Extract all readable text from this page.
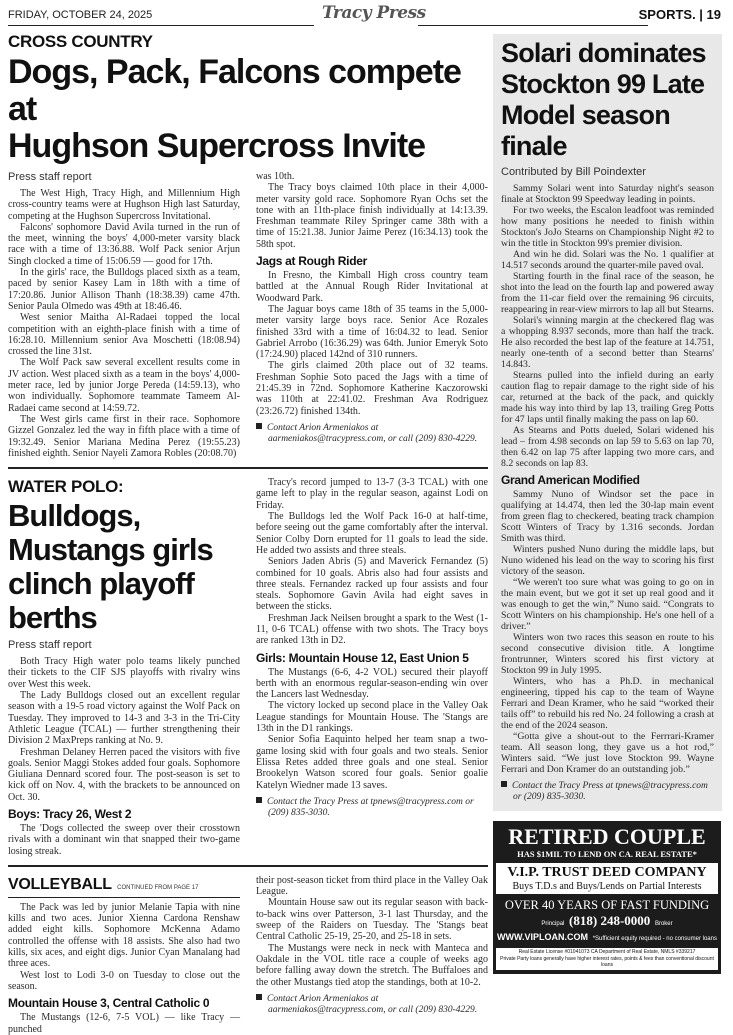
FRIDAY, OCTOBER 24, 2025	Tracy Press	SPORTS. | 19
CROSS COUNTRY
Dogs, Pack, Falcons compete at
Hughson Supercross Invite
Press staff report

The West High, Tracy High, and Millennium High cross-country teams were at Hughson High last Saturday, competing at the Hughson Supercross Invitational.

Falcons' sophomore David Avila turned in the run of the meet, winning the boys' 4,000-meter varsity black race with a time of 13:36.88. Wolf Pack senior Arjun Singh clocked a time of 15:06.59 — good for 17th.

In the girls' race, the Bulldogs placed sixth as a team, paced by senior Kasey Lam in 18th with a time of 17:20.86. Junior Allison Thanh (18:38.39) came 47th. Senior Paula Olmedo was 49th at 18:46.46.

West senior Maitha Al-Radaei topped the local competition with an eighth-place finish with a time of 16:28.10. Millennium senior Ava Moschetti (18:08.94) crossed the line 31st.

The Wolf Pack saw several excellent results come in JV action. West placed sixth as a team in the boys' 4,000-meter race, led by junior Jorge Pereda (14:59.13), who won individually. Sophomore teammate Tameem Al-Radaei came second at 14:59.72.

The West girls came first in their race. Sophomore Gizzel Gonzalez led the way in fifth place with a time of 19:32.49. Senior Mariana Medina Perez (19:55.23) finished eighth. Senior Nayeli Zamora Robles (20:08.70)

was 10th.

The Tracy boys claimed 10th place in their 4,000-meter varsity gold race. Sophomore Ryan Ochs set the tone with an 11th-place finish individually at 14:13.39. Freshman teammate Riley Springer came 38th with a time of 15:21.38. Junior Jaime Perez (16:34.13) took the 58th spot.

Jags at Rough Rider

In Fresno, the Kimball High cross country team battled at the Annual Rough Rider Invitational at Woodward Park.

The Jaguar boys came 18th of 35 teams in the 5,000-meter varsity large boys race. Senior Ace Rozales finished 33rd with a time of 16:04.32 to lead. Senior Gabriel Arrobo (16:36.29) was 64th. Junior Emeryk Soto (17:24.90) placed 142nd of 310 runners.

The girls claimed 20th place out of 32 teams. Freshman Sophie Soto paced the Jags with a time of 21:45.39 in 72nd. Sophomore Katherine Kaczorowski was 110th at 22:41.02. Freshman Ava Rodriguez (23:26.72) finished 134th.

Contact Arion Armeniakos at aarmeniakos@tracypress.com, or call (209) 830-4229.

WATER POLO:
Bulldogs, Mustangs girls
clinch playoff berths
Press staff report

Both Tracy High water polo teams likely punched their tickets to the CIF SJS playoffs with rivalry wins over West this week.

The Lady Bulldogs closed out an excellent regular season with a 19-5 road victory against the Wolf Pack on Tuesday. They improved to 14-3 and 3-3 in the Tri-City Athletic League (TCAL) — further strengthening their Division 2 MaxPreps ranking at No. 9.

Freshman Delaney Herren paced the visitors with five goals. Senior Maggi Stokes added four goals. Sophomore Giuliana Dennard scored four. The post-season is set to kick off on Nov. 4, with the brackets to be announced on Oct. 30.

Boys: Tracy 26, West 2

The 'Dogs collected the sweep over their crosstown rivals with a dominant win that snapped their two-game losing streak.

Tracy's record jumped to 13-7 (3-3 TCAL) with one game left to play in the regular season, against Lodi on Friday.

The Bulldogs led the Wolf Pack 16-0 at half-time, before seeing out the game comfortably after the interval. Senior Colby Dorn erupted for 11 goals to lead the side. He added two assists and three steals.

Seniors Jaden Abris (5) and Maverick Fernandez (5) combined for 10 goals. Abris also had four assists and three steals. Fernandez racked up four assists and four steals. Sophomore Gavin Avila had eight saves in between the sticks.

Freshman Jack Neilsen brought a spark to the West (1-11, 0-6 TCAL) offense with two shots. The Tracy boys are ranked 13th in D2.

Girls: Mountain House 12, East Union 5

The Mustangs (6-6, 4-2 VOL) secured their playoff berth with an enormous regular-season-ending win over the Lancers last Wednesday.

The victory locked up second place in the Valley Oak League standings for Mountain House. The 'Stangs are 13th in the D1 rankings.

Senior Sofia Eaquinto helped her team snap a two-game losing skid with four goals and two steals. Senior Elissa Retes added three goals and one steal. Senior Brookelyn Watson scored four goals. Senior goalie Katelyn Wiedner made 13 saves.

Contact the Tracy Press at tpnews@tracypress.com or (209) 835-3030.

VOLLEYBALL CONTINUED FROM PAGE 17

The Pack was led by junior Melanie Tapia with nine kills and two aces. Junior Xienna Cardona Renshaw added eight kills. Sophomore McKenna Adamo controlled the offense with 18 assists. She also had two kills, six aces, and eight digs. Junior Cyan Manalang had three aces.

West lost to Lodi 3-0 on Tuesday to close out the season.

Mountain House 3, Central Catholic 0

The Mustangs (12-6, 7-5 VOL) — like Tracy — punched

their post-season ticket from third place in the Valley Oak League.

Mountain House saw out its regular season with back-to-back wins over Patterson, 3-1 last Thursday, and the sweep of the Raiders on Tuesday. The 'Stangs beat Central Catholic 25-19, 25-20, and 25-18 in sets.

The Mustangs were neck in neck with Manteca and Oakdale in the VOL title race a couple of weeks ago before falling away down the stretch. The Buffaloes and the other Mustangs tied atop the standings, both at 10-2.

Contact Arion Armeniakos at aarmeniakos@tracypress.com, or call (209) 830-4229.

Solari dominates
Stockton 99 Late
Model season finale
Contributed by Bill Poindexter

Sammy Solari went into Saturday night's season finale at Stockton 99 Speedway leading in points.

For two weeks, the Escalon leadfoot was reminded how many positions he needed to finish within Stockton's JoJo Stearns on Championship Night #2 to win the title in Stockton 99's premier division.

And win he did. Solari was the No. 1 qualifier at 14.517 seconds around the quarter-mile paved oval.

Starting fourth in the final race of the season, he shot into the lead on the fourth lap and powered away from the 11-car field over the remaining 96 circuits, reappearing in rear-view mirrors to lap all but Stearns.

Solari's winning margin at the checkered flag was a whopping 8.937 seconds, more than half the track. He also recorded the best lap of the feature at 14.751, nearly one-tenth of a second better than Stearns' 14.843.

Stearns pulled into the infield during an early caution flag to repair damage to the right side of his car, returned at the back of the pack, and quickly made his way into third by lap 13, trailing Greg Potts for 47 laps until finally making the pass on lap 60.

As Stearns and Potts dueled, Solari widened his lead – from 4.98 seconds on lap 59 to 5.63 on lap 70, then 6.42 on lap 75 after lapping two more cars, and 8.2 seconds on lap 83.

Grand American Modified

Sammy Nuno of Windsor set the pace in qualifying at 14.474, then led the 30-lap main event from green flag to checkered, beating track champion Scott Winters of Tracy by 1.316 seconds. Jordan Smith was third.

Winters pushed Nuno during the middle laps, but Nuno widened his lead on the way to scoring his first victory of the season.

“We weren't too sure what was going to go on in the main event, but we got it set up real good and it was enough to get the win,” Nuno said. “Congrats to Scott Winters on his championship. He's one hell of a driver.”

Winters won two races this season en route to his second consecutive division title. A longtime frontrunner, Winters scored his first victory at Stockton 99 in July 1995.

Winters, who has a Ph.D. in mechanical engineering, tipped his cap to the team of Wayne Ferrari and Dean Kramer, who he said “worked their tails off” to rebuild his red No. 24 following a crash at the end of the 2024 season.

“Gotta give a shout-out to the Ferrrari-Kramer team. All season long, they gave us a hot rod,” Winters said. “We just love Stockton 99. Wayne Ferrari and Don Kramer do an outstanding job.”

Contact the Tracy Press at tpnews@tracypress.com or (209) 835-3030.

RETIRED COUPLE
HAS $1MIL TO LEND ON CA. REAL ESTATE*
V.I.P. TRUST DEED COMPANY
Buys T.D.s and Buys/Lends on Partial Interests
OVER 40 YEARS OF FAST FUNDING
Principal (818) 248-0000 Broker
WWW.VIPLOAN.COM *Sufficient equity required - no consumer loans
Real Estate License #01041073 CA Department of Real Estate, NMLS #339217
Private Party loans generally have higher interest rates, points & fees than conventional discount loans
